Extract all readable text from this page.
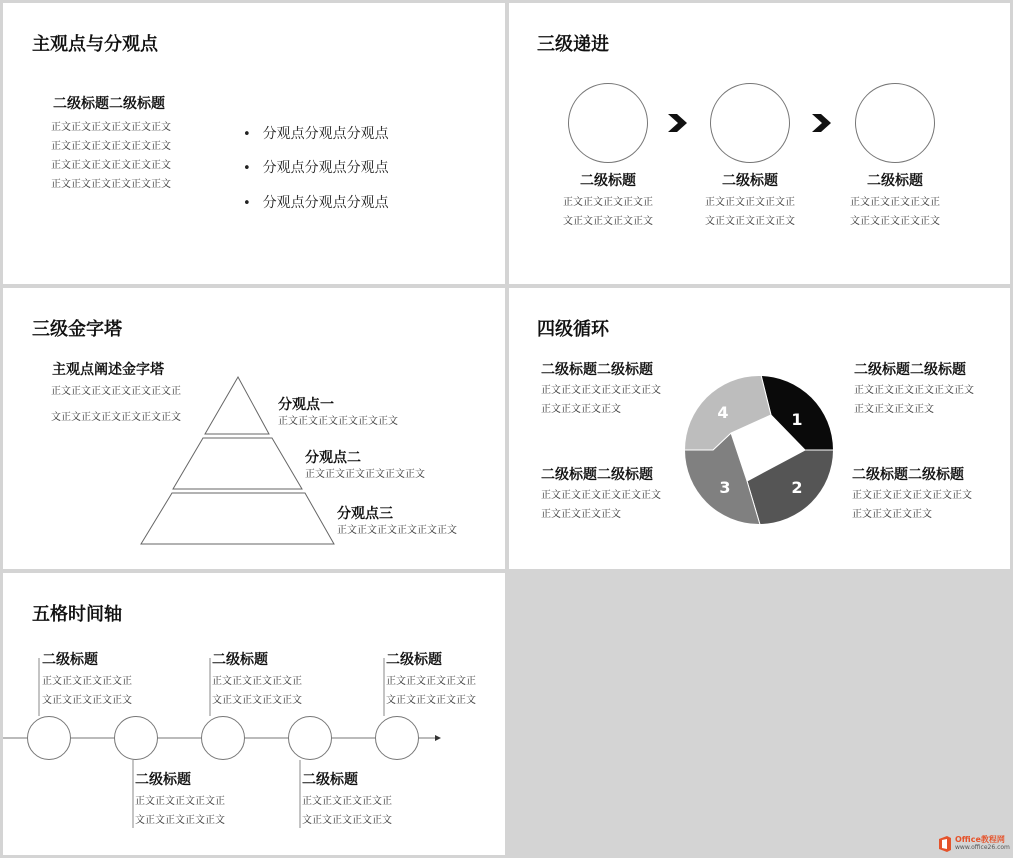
主观点与分观点
二级标题二级标题
正文正文正文正文正文正文
正文正文正文正文正文正文
正文正文正文正文正文正文
正文正文正文正文正文正文
• 分观点分观点分观点
• 分观点分观点分观点
• 分观点分观点分观点
三级递进
二级标题
正文正文正文正文正
文正文正文正文正文
二级标题
正文正文正文正文正
文正文正文正文正文
二级标题
正文正文正文正文正
文正文正文正文正文
三级金字塔
主观点阐述金字塔
正文正文正文正文正文正文正
文正文正文正文正文正文正文
分观点一
正文正文正文正文正文正文
分观点二
正文正文正文正文正文正文
分观点三
正文正文正文正文正文正文
四级循环
二级标题二级标题
正文正文正文正文正文正文
正文正文正文正文
二级标题二级标题
正文正文正文正文正文正文
正文正文正文正文
二级标题二级标题
正文正文正文正文正文正文
正文正文正文正文
二级标题二级标题
正文正文正文正文正文正文
正文正文正文正文
1
2
3
4
五格时间轴
二级标题
正文正文正文正文正
文正文正文正文正文
二级标题
正文正文正文正文正
文正文正文正文正文
二级标题
正文正文正文正文正
文正文正文正文正文
二级标题
正文正文正文正文正
文正文正文正文正文
二级标题
正文正文正文正文正
文正文正文正文正文
Office教程网
www.office26.com
